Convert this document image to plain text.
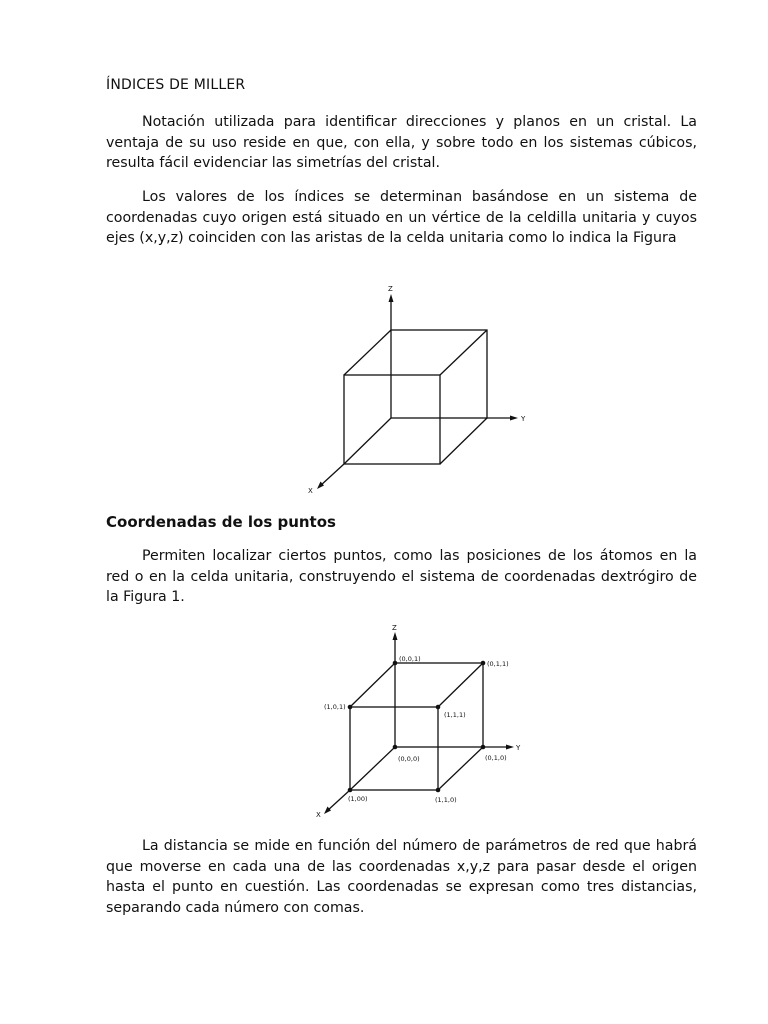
ÍNDICES DE MILLER

Notación utilizada para identificar direcciones y planos en un cristal. La ventaja de su uso reside en que, con ella, y sobre todo en los sistemas cúbicos, resulta fácil evidenciar las simetrías del cristal.

Los valores de los índices se determinan basándose en un sistema de coordenadas cuyo origen está situado en un vértice de la celdilla unitaria y cuyos ejes (x,y,z) coinciden con las aristas de la celda unitaria como lo indica la Figura

Z
Y
X
Coordenadas de los puntos

Permiten localizar ciertos puntos, como las posiciones de los átomos en la red o en la celda unitaria, construyendo el sistema de coordenadas dextrógiro de la Figura 1.

Z
Y
X
(0,0,1)
(0,1,1)
(1,0,1)
(1,1,1)
(0,0,0)	(0,1,0)
(1,00)	(1,1,0)

La distancia se mide en función del número de parámetros de red que habrá que moverse en cada una de las coordenadas x,y,z para pasar desde el origen hasta el punto en cuestión. Las coordenadas se expresan como tres distancias, separando cada número con comas.
